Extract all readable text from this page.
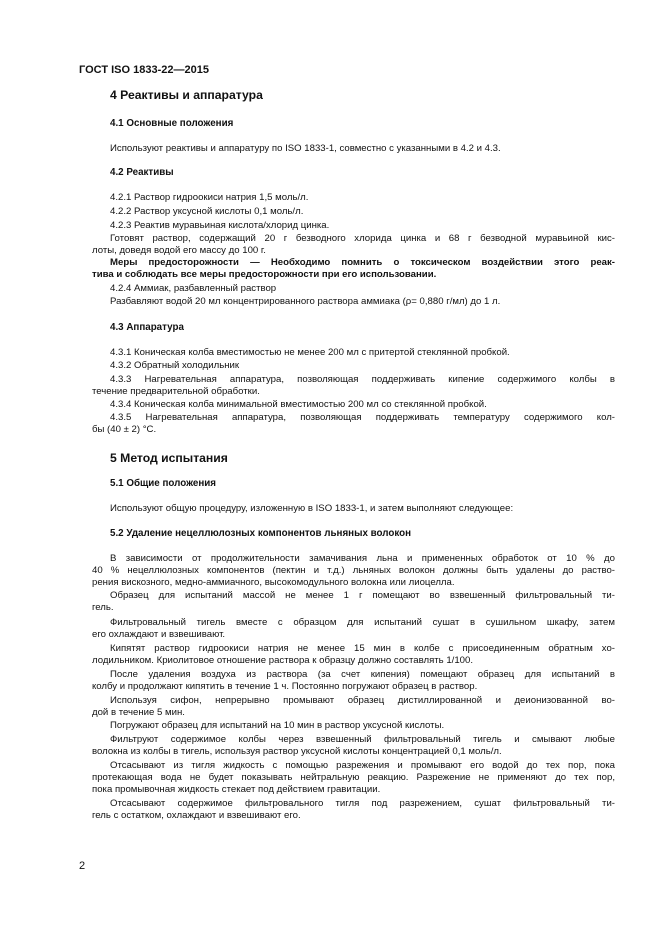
ГОСТ ISO 1833-22—2015
4 Реактивы и аппаратура
4.1 Основные положения
Используют реактивы и аппаратуру по ISO 1833-1, совместно с указанными в 4.2 и 4.3.
4.2 Реактивы
4.2.1 Раствор гидроокиси натрия 1,5 моль/л.
4.2.2 Раствор уксусной кислоты 0,1 моль/л.
4.2.3 Реактив муравьиная кислота/хлорид цинка.
Готовят раствор, содержащий 20 г безводного хлорида цинка и 68 г безводной муравьиной кис-
лоты, доведя водой его массу до 100 г.
Меры предосторожности — Необходимо помнить о токсическом воздействии этого реак-
тива и соблюдать все меры предосторожности при его использовании.
4.2.4 Аммиак, разбавленный раствор
Разбавляют водой 20 мл концентрированного раствора аммиака (ρ= 0,880 г/мл) до 1 л.
4.3 Аппаратура
4.3.1 Коническая колба вместимостью не менее 200 мл с притертой стеклянной пробкой.
4.3.2 Обратный холодильник
4.3.3 Нагревательная аппаратура, позволяющая поддерживать кипение содержимого колбы в
течение предварительной обработки.
4.3.4 Коническая колба минимальной вместимостью 200 мл со стеклянной пробкой.
4.3.5 Нагревательная аппаратура, позволяющая поддерживать температуру содержимого кол-
бы (40 ± 2) °С.
5 Метод испытания
5.1 Общие положения
Используют общую процедуру, изложенную в ISO 1833-1, и затем выполняют следующее:
5.2 Удаление нецеллюлозных компонентов льняных волокон
В зависимости от продолжительности замачивания льна и примененных обработок от 10 % до
40 % нецеллюлозных компонентов (пектин и т.д.) льняных волокон должны быть удалены до раство-
рения вискозного, медно-аммиачного, высокомодульного волокна или лиоцелла.
Образец для испытаний массой не менее 1 г помещают во взвешенный фильтровальный ти-
гель.
Фильтровальный тигель вместе с образцом для испытаний сушат в сушильном шкафу, затем
его охлаждают и взвешивают.
Кипятят раствор гидроокиси натрия не менее 15 мин в колбе с присоединенным обратным хо-
лодильником. Криолитовое отношение раствора к образцу должно составлять 1/100.
После удаления воздуха из раствора (за счет кипения) помещают образец для испытаний в
колбу и продолжают кипятить в течение 1 ч. Постоянно погружают образец в раствор.
Используя сифон, непрерывно промывают образец дистиллированной и деионизованной во-
дой в течение 5 мин.
Погружают образец для испытаний на 10 мин в раствор уксусной кислоты.
Фильтруют содержимое колбы через взвешенный фильтровальный тигель и смывают любые
волокна из колбы в тигель, используя раствор уксусной кислоты концентрацией 0,1 моль/л.
Отсасывают из тигля жидкость с помощью разрежения и промывают его водой до тех пор, пока
протекающая вода не будет показывать нейтральную реакцию. Разрежение не применяют до тех пор,
пока промывочная жидкость стекает под действием гравитации.
Отсасывают содержимое фильтровального тигля под разрежением, сушат фильтровальный ти-
гель с остатком, охлаждают и взвешивают его.
2
